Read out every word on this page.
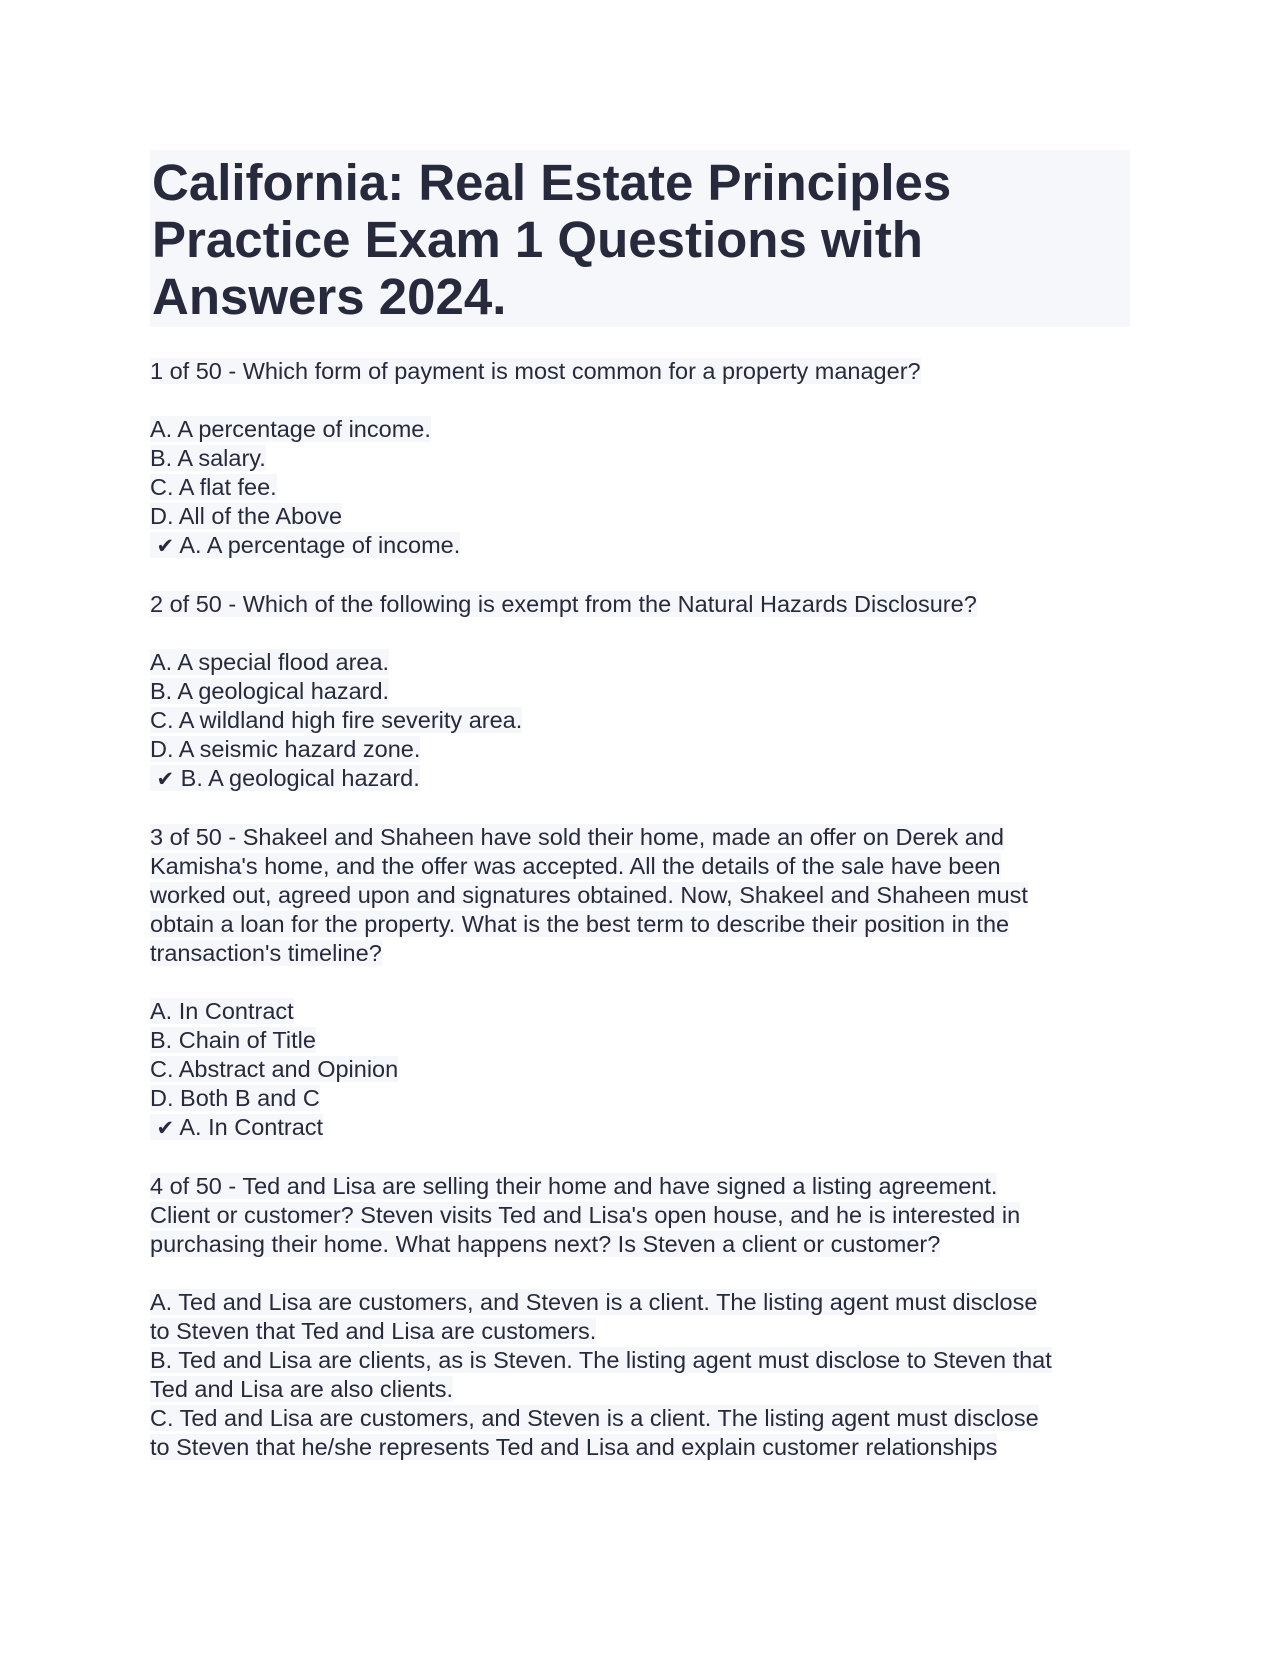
California: Real Estate Principles Practice Exam 1 Questions with Answers 2024.
1 of 50 - Which form of payment is most common for a property manager?
A. A percentage of income.
B. A salary.
C. A flat fee.
D. All of the Above
✔ A. A percentage of income.
2 of 50 - Which of the following is exempt from the Natural Hazards Disclosure?
A. A special flood area.
B. A geological hazard.
C. A wildland high fire severity area.
D. A seismic hazard zone.
✔ B. A geological hazard.
3 of 50 - Shakeel and Shaheen have sold their home, made an offer on Derek and
Kamisha's home, and the offer was accepted. All the details of the sale have been
worked out, agreed upon and signatures obtained. Now, Shakeel and Shaheen must
obtain a loan for the property. What is the best term to describe their position in the
transaction's timeline?
A. In Contract
B. Chain of Title
C. Abstract and Opinion
D. Both B and C
✔ A. In Contract
4 of 50 - Ted and Lisa are selling their home and have signed a listing agreement.
Client or customer? Steven visits Ted and Lisa's open house, and he is interested in
purchasing their home. What happens next? Is Steven a client or customer?
A. Ted and Lisa are customers, and Steven is a client. The listing agent must disclose
to Steven that Ted and Lisa are customers.
B. Ted and Lisa are clients, as is Steven. The listing agent must disclose to Steven that
Ted and Lisa are also clients.
C. Ted and Lisa are customers, and Steven is a client. The listing agent must disclose
to Steven that he/she represents Ted and Lisa and explain customer relationships
